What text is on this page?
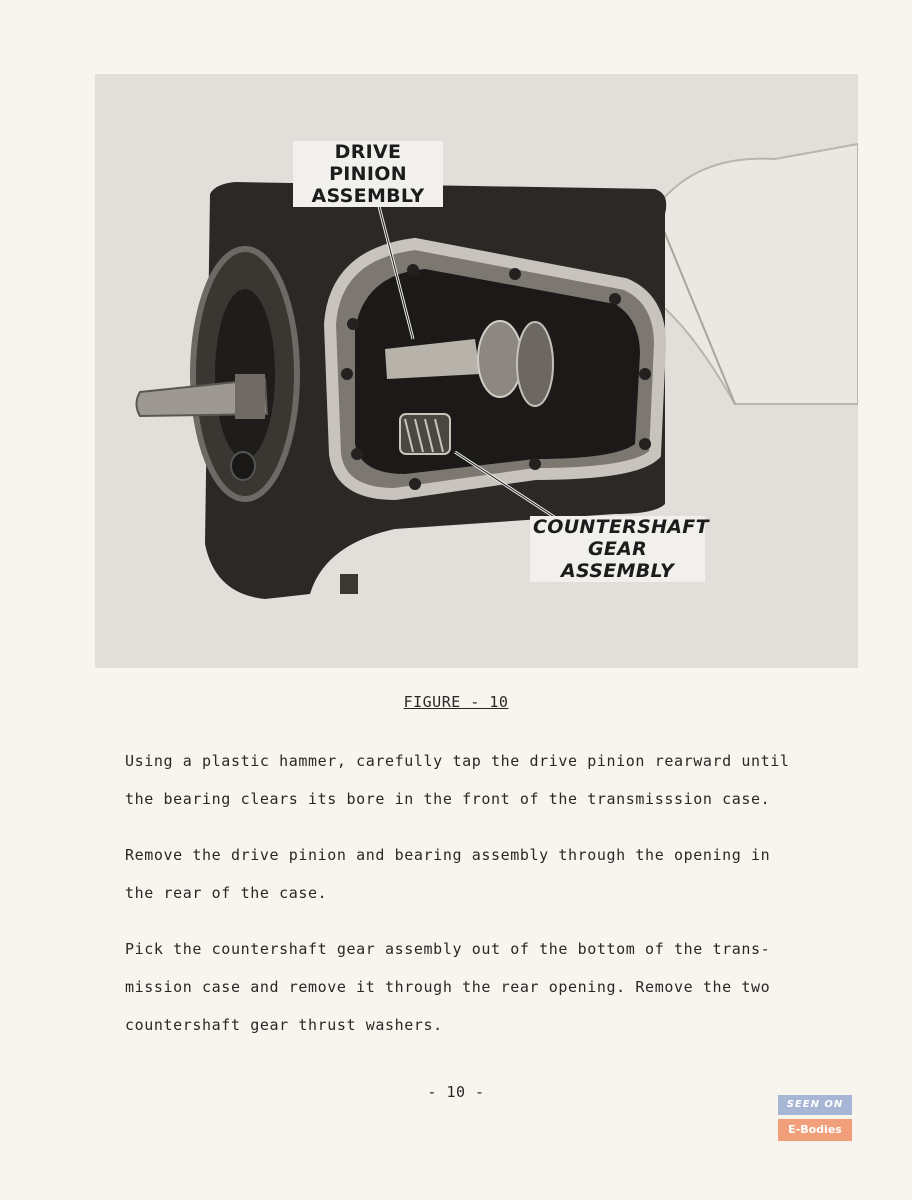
DRIVE PINION
ASSEMBLY
COUNTERSHAFT
GEAR ASSEMBLY
FIGURE - 10

Using a plastic hammer, carefully tap the drive pinion rearward until
the bearing clears its bore in the front of the transmisssion case.

Remove the drive pinion and bearing assembly through the opening in
the rear of the case.

Pick the countershaft gear assembly out of the bottom of the trans-
mission case and remove it through the rear opening. Remove the two
countershaft gear thrust washers.

- 10 -
SEEN ON
E-Bodies
